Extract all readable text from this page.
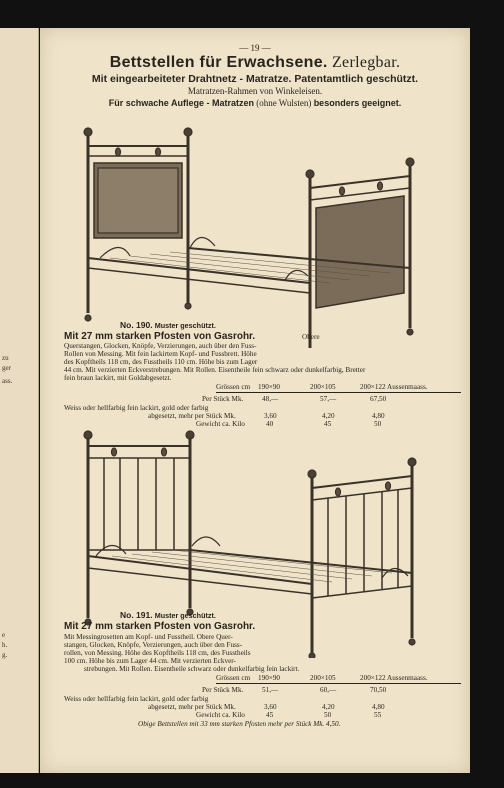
zu
ger
ass.
e
h.
g.
— 19 —
Bettstellen für Erwachsene. Zerlegbar.
Mit eingearbeiteter Drahtnetz - Matratze. Patentamtlich geschützt.
Matratzen-Rahmen von Winkeleisen.
Für schwache Auflege - Matratzen (ohne Wulsten) besonders geeignet.
No. 190. Muster geschützt.
Mit 27 mm starken Pfosten von Gasrohr.	Obere
Querstangen, Glocken, Knöpfe, Verzierungen, auch über den Fuss-
Rollen von Messing. Mit fein lackirtem Kopf- und Fussbrett. Höhe
des Kopftheils 118 cm, des Fusstheils 110 cm. Höhe bis zum Lager
44 cm. Mit verzierten Eckverstrebungen. Mit Rollen. Eisentheile fein schwarz oder dunkelfarbig, Bretter
fein braun lackirt, mit Goldabgesetzt.
Grössen cm 190×90	200×105	200×122 Aussenmaass.
Per Stück Mk.	48,—	57,—	67,50
Weiss oder hellfarbig fein lackirt, gold oder farbig
abgesetzt, mehr per Stück Mk.	3,60	4,20	4,80
Gewicht ca. Kilo	40	45	50
No. 191. Muster geschützt.
Mit 27 mm starken Pfosten von Gasrohr.
Mit Messingrosetten am Kopf- und Fusstheil. Obere Quer-
stangen, Glocken, Knöpfe, Verzierungen, auch über den Fuss-
rollen, von Messing. Höhe des Kopftheils 118 cm, des Fusstheils
100 cm. Höhe bis zum Lager 44 cm. Mit verzierten Eckver-
strebungen. Mit Rollen. Eisentheile schwarz oder dunkelfarbig fein lackirt.
Grössen cm 190×90	200×105	200×122 Aussenmaass.
Per Stück Mk.	51,—	60,—	70,50
Weiss oder hellfarbig fein lackirt, gold oder farbig
abgesetzt, mehr per Stück Mk.	3,60	4,20	4,80
Gewicht ca. Kilo	45	50	55
Obige Bettstellen mit 33 mm starken Pfosten mehr per Stück Mk. 4,50.
